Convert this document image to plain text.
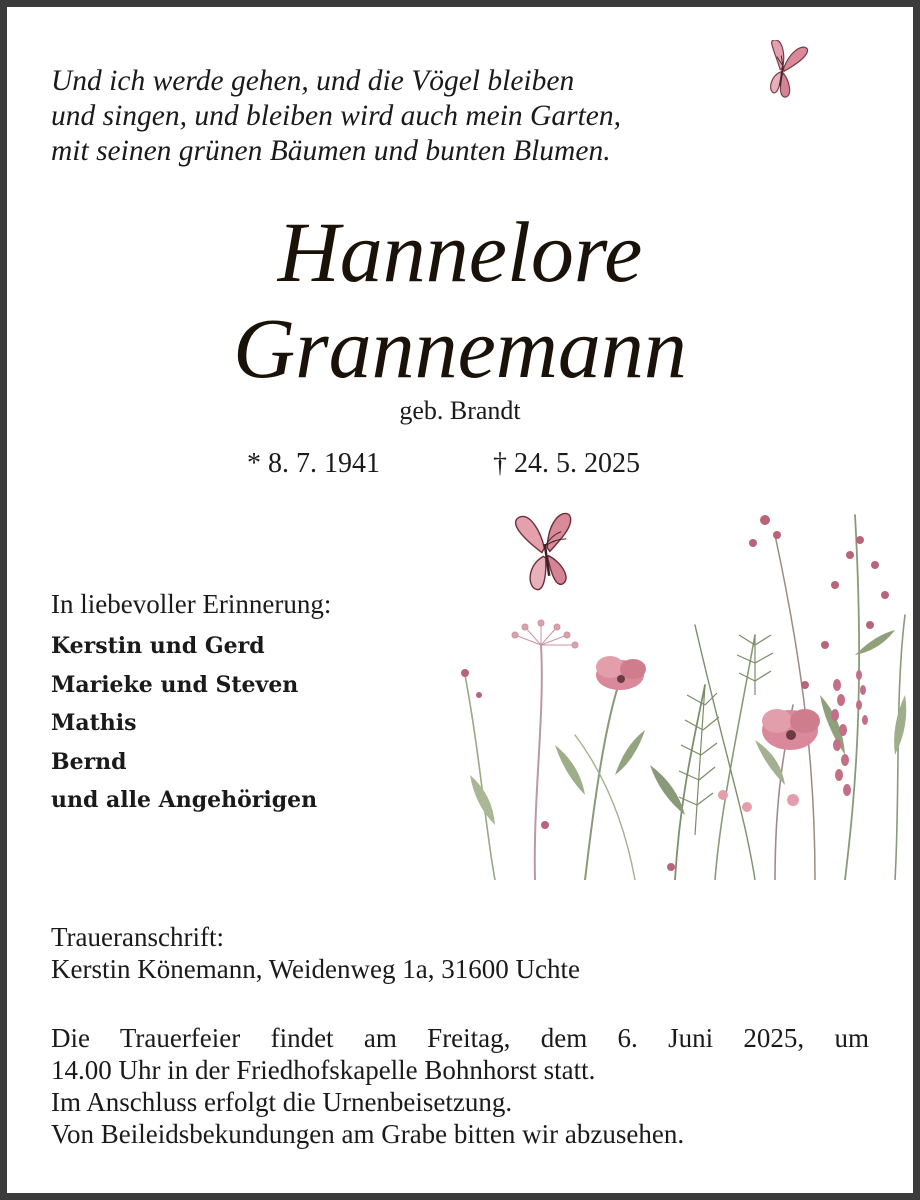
Und ich werde gehen, und die Vögel bleiben
und singen, und bleiben wird auch mein Garten,
mit seinen grünen Bäumen und bunten Blumen.
Hannelore
Grannemann
geb. Brandt
* 8. 7. 1941	† 24. 5. 2025
In liebevoller Erinnerung:
Kerstin und Gerd
Marieke und Steven
Mathis
Bernd
und alle Angehörigen
Traueranschrift:
Kerstin Könemann, Weidenweg 1a, 31600 Uchte
Die Trauerfeier findet am Freitag, dem 6. Juni 2025, um
14.00 Uhr in der Friedhofskapelle Bohnhorst statt.
Im Anschluss erfolgt die Urnenbeisetzung.
Von Beileidsbekundungen am Grabe bitten wir abzusehen.
